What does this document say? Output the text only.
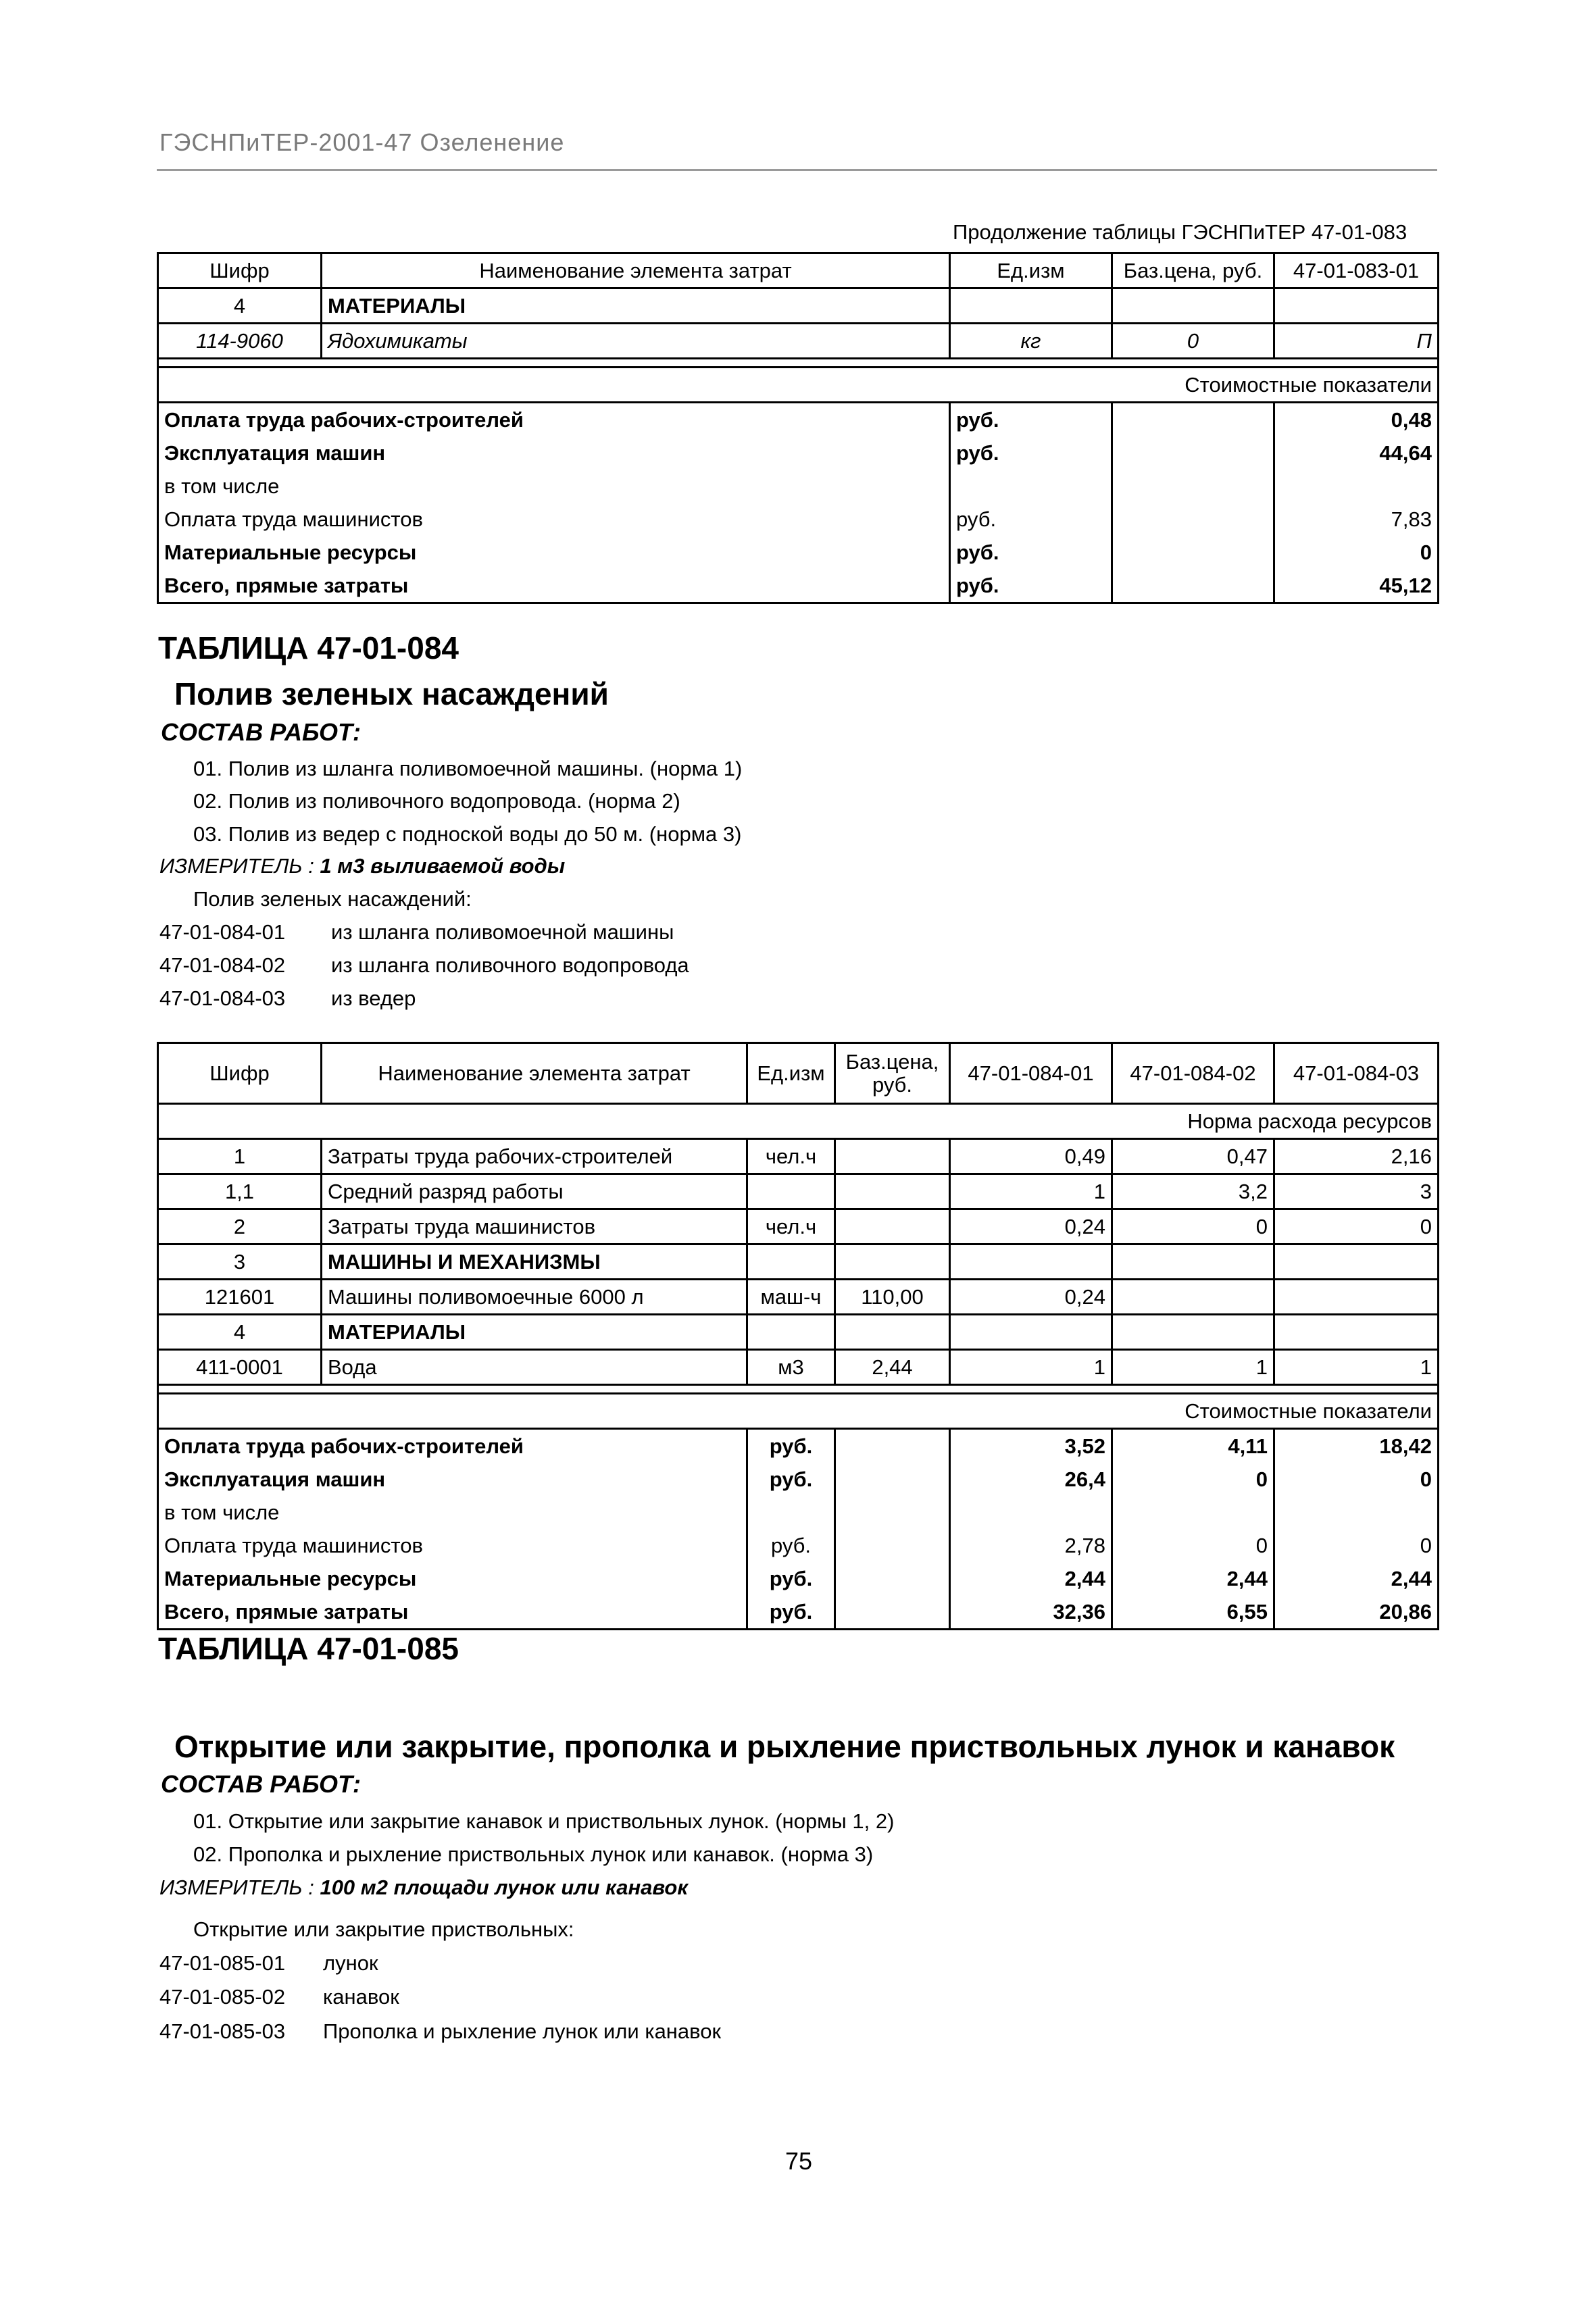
ГЭСНПиТЕР-2001-47 Озеленение
Продолжение таблицы ГЭСНПиТЕР 47-01-083
Шифр	Наименование элемента затрат	Ед.изм	Баз.цена, руб.	47-01-083-01
4	МАТЕРИАЛЫ			
114-9060	Ядохимикаты	кг	0	П

Стоимостные показатели				
Оплата труда рабочих-строителей		руб.		0,48
Эксплуатация машин		руб.		44,64
в том числе				
Оплата труда машинистов		руб.		7,83
Материальные ресурсы		руб.		0
Всего, прямые затраты		руб.		45,12
ТАБЛИЦА 47-01-084
Полив зеленых насаждений
СОСТАВ РАБОТ:
01. Полив из шланга поливомоечной машины. (норма 1)
02. Полив из поливочного водопровода. (норма 2)
03. Полив из ведер с подноской воды до 50 м. (норма 3)
ИЗМЕРИТЕЛЬ : 1 м3 выливаемой воды
Полив зеленых насаждений:
47-01-084-01 из шланга поливомоечной машины
47-01-084-02 из шланга поливочного водопровода
47-01-084-03 из ведер
Шифр	Наименование элемента затрат	Ед.изм	Баз.цена, руб.	47-01-084-01	47-01-084-02	47-01-084-03
Норма расхода ресурсов						
1	Затраты труда рабочих-строителей	чел.ч		0,49	0,47	2,16
1,1	Средний разряд работы			1	3,2	3
2	Затраты труда машинистов	чел.ч		0,24	0	0
3	МАШИНЫ И МЕХАНИЗМЫ					
121601	Машины поливомоечные 6000 л	маш-ч	110,00	0,24		
4	МАТЕРИАЛЫ					
411-0001	Вода	м3	2,44	1	1	1

Стоимостные показатели						
Оплата труда рабочих-строителей		руб.		3,52	4,11	18,42
Эксплуатация машин		руб.		26,4	0	0
в том числе						
Оплата труда машинистов		руб.		2,78	0	0
Материальные ресурсы		руб.		2,44	2,44	2,44
Всего, прямые затраты		руб.		32,36	6,55	20,86
ТАБЛИЦА 47-01-085
Открытие или закрытие, прополка и рыхление приствольных лунок и канавок
СОСТАВ РАБОТ:
01. Открытие или закрытие канавок и приствольных лунок. (нормы 1, 2)
02. Прополка и рыхление приствольных лунок или канавок. (норма 3)
ИЗМЕРИТЕЛЬ : 100 м2 площади лунок или канавок
Открытие или закрытие приствольных:
47-01-085-01 лунок
47-01-085-02 канавок
47-01-085-03 Прополка и рыхление лунок или канавок
75
